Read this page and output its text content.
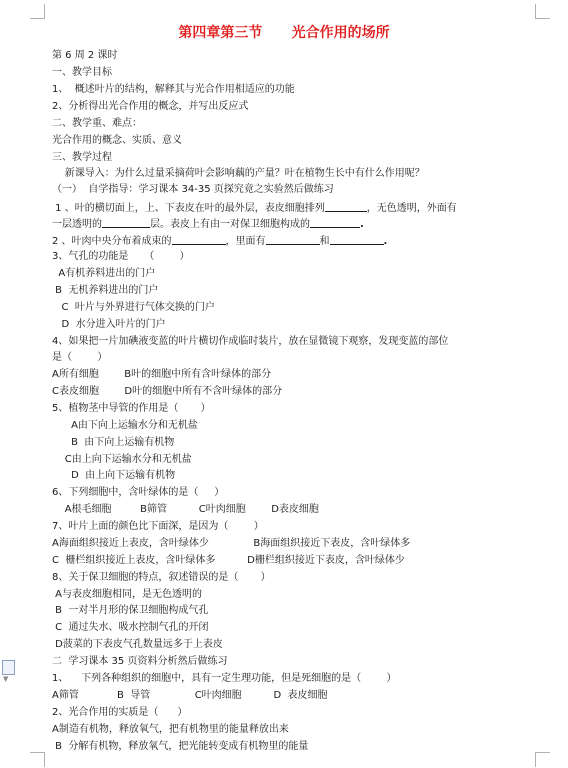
▼
第四章第三节      光合作用的场所
第 6 周 2 课时
一、教学目标
1、  概述叶片的结构，解释其与光合作用相适应的功能
2、分析得出光合作用的概念，并写出反应式
二、教学重、难点：
光合作用的概念、实质、意义
三、教学过程
新课导入：为什么过量采摘荷叶会影响藕的产量？叶在植物生长中有什么作用呢？
（一）  自学指导：学习课本 34-35 页探究竟之实验然后做练习
1 、叶的横切面上，上、下表皮在叶的最外层，表皮细胞排列	，无色透明，外面有
一层透明的	层。表皮上有由一对保卫细胞构成的	.
2 、叶肉中央分布着成束的	，里面有	和	.
3、气孔的功能是     （        ）
A有机养料进出的门户
B  无机养料进出的门户
C  叶片与外界进行气体交换的门户
D  水分进入叶片的门户
4、如果把一片加碘液变蓝的叶片横切作成临时装片，放在显微镜下观察，发现变蓝的部位
是（        ）
A所有细胞        B叶的细胞中所有含叶绿体的部分
C表皮细胞        D叶的细胞中所有不含叶绿体的部分
5、植物茎中导管的作用是（       ）
A由下向上运输水分和无机盐
B  由下向上运输有机物
C由上向下运输水分和无机盐
D  由上向下运输有机物
6、下列细胞中，含叶绿体的是（     ）
A根毛细胞         B筛管          C叶肉细胞        D表皮细胞
7、叶片上面的颜色比下面深，是因为（        ）
A海面组织接近上表皮，含叶绿体少              B海面组织接近下表皮，含叶绿体多
C  栅栏组织接近上表皮，含叶绿体多          D栅栏组织接近下表皮，含叶绿体少
8、关于保卫细胞的特点，叙述错误的是（       ）
A与表皮细胞相同，是无色透明的
B  一对半月形的保卫细胞构成气孔
C  通过失水、吸水控制气孔的开闭
D菠菜的下表皮气孔数量远多于上表皮
二  学习课本 35 页资料分析然后做练习
1、    下列各种组织的细胞中，具有一定生理功能，但是死细胞的是（        ）
A筛管            B  导管              C叶肉细胞          D  表皮细胞
2、光合作用的实质是（      ）
A制造有机物，释放氧气，把有机物里的能量释放出来
B  分解有机物，释放氧气，把光能转变成有机物里的能量
